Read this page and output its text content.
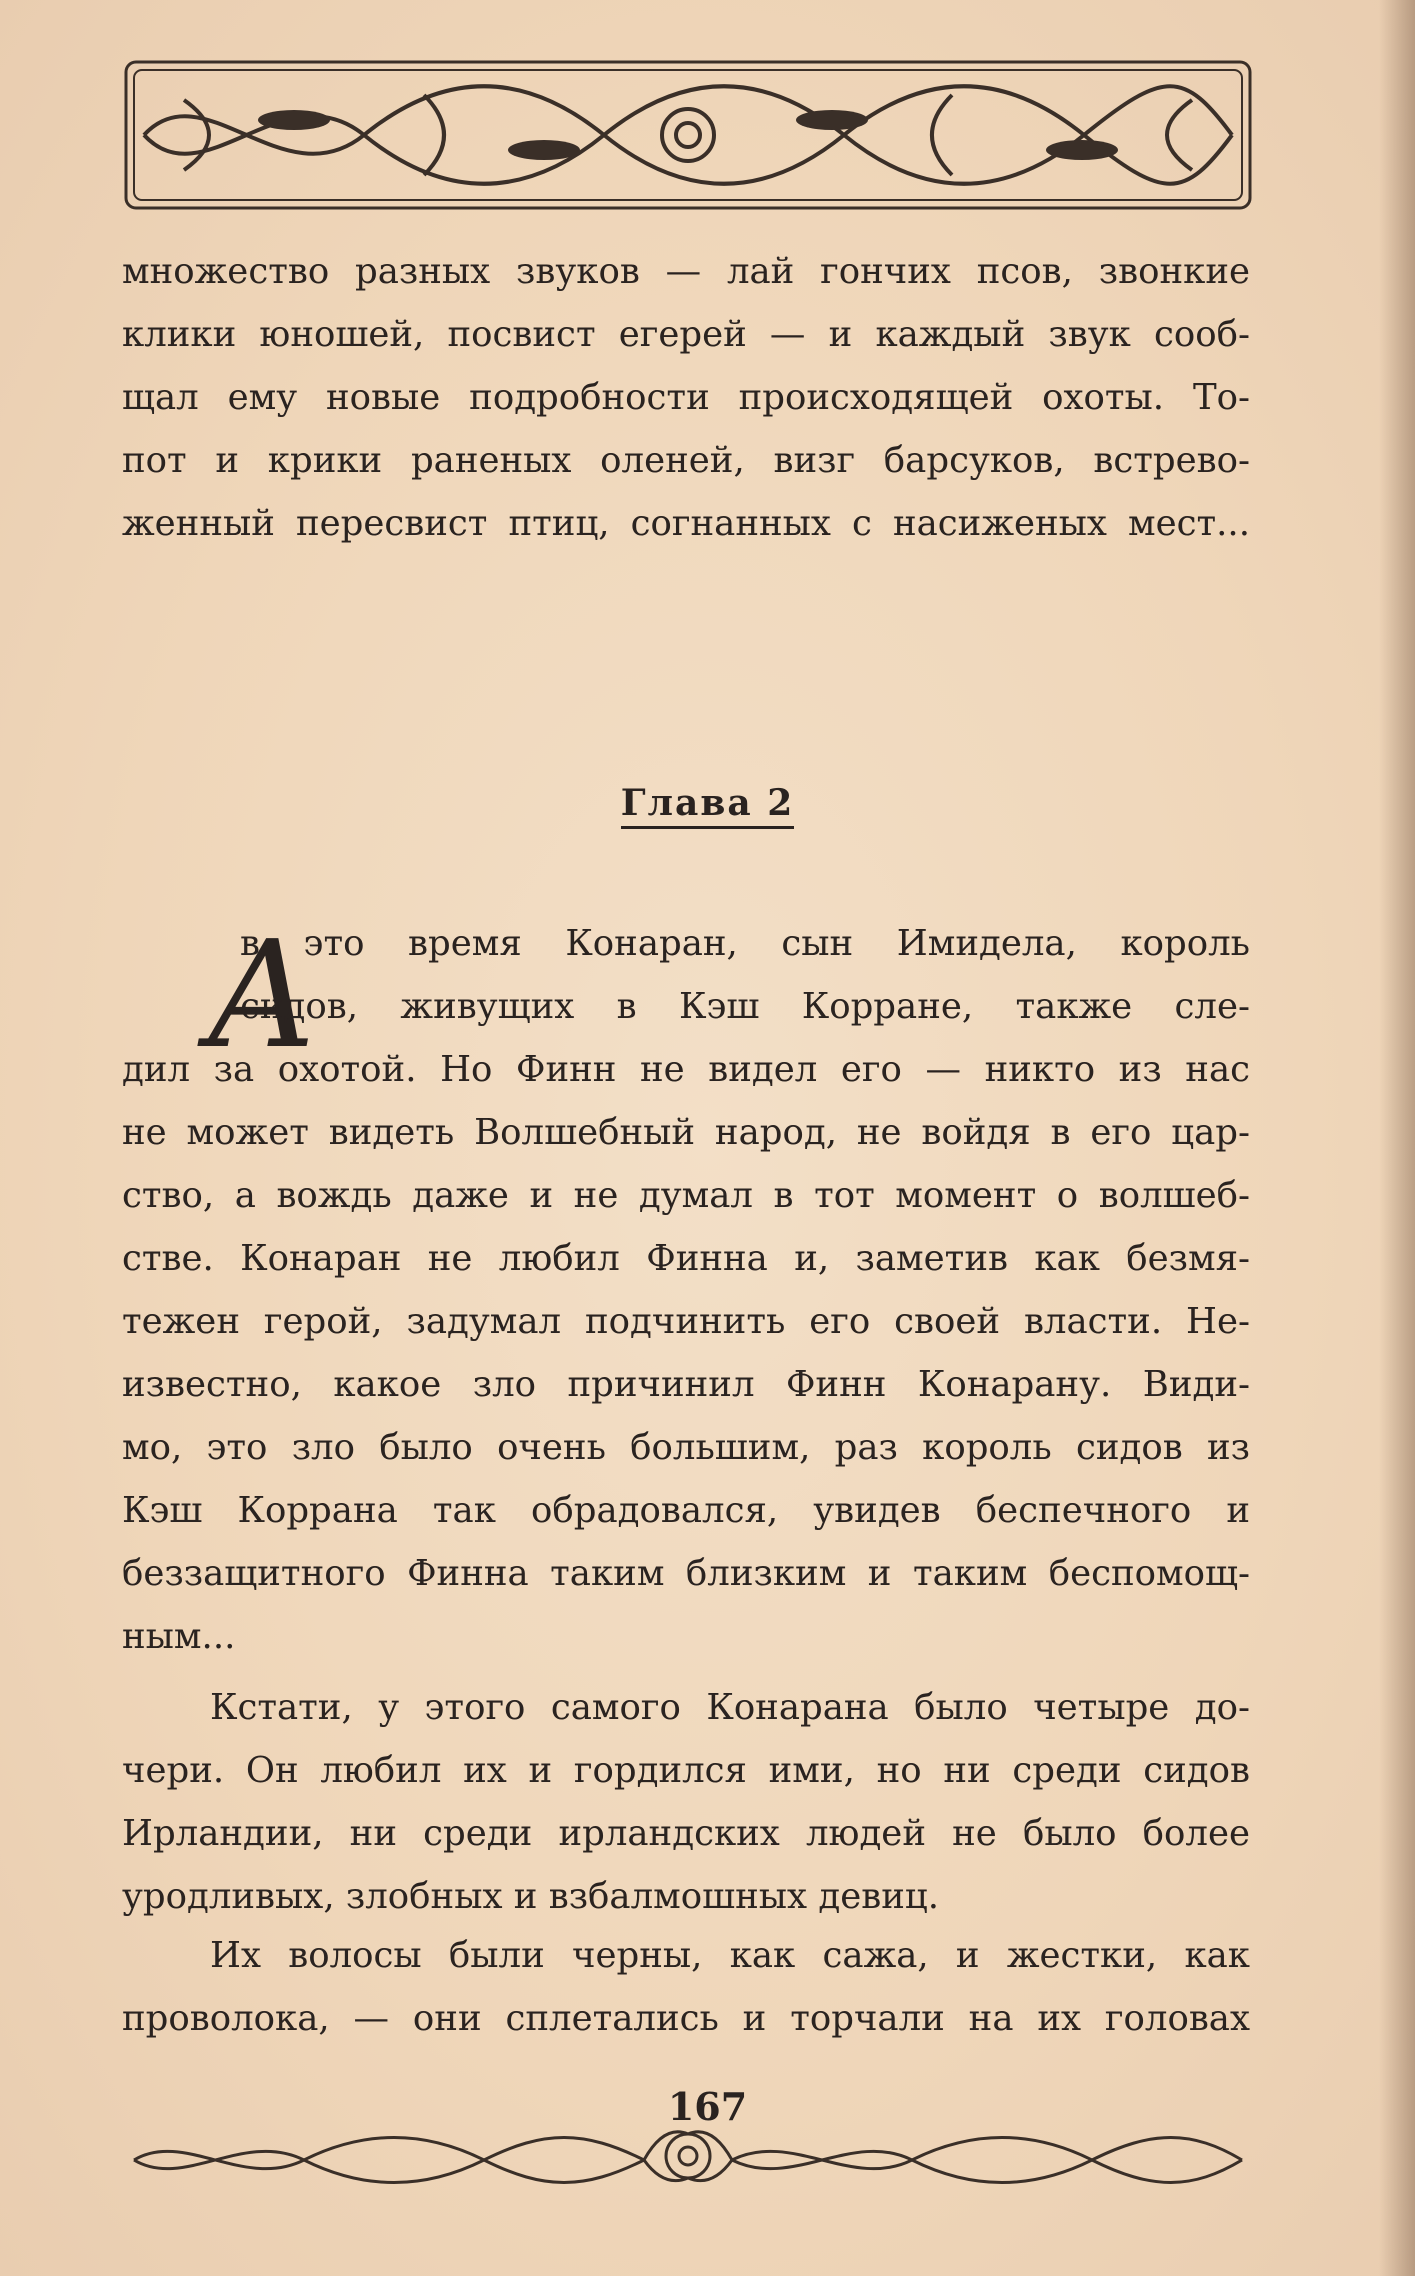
множество разных звуков — лай гончих псов, звонкие
клики юношей, посвист егерей — и каждый звук сооб-
щал ему новые подробности происходящей охоты. То-
пот и крики раненых оленей, визг барсуков, встрево-
женный пересвист птиц, согнанных с насиженых мест...
Глава 2
А
в это время Конаран, сын Имидела, король
сидов, живущих в Кэш Корране, также сле-
дил за охотой. Но Финн не видел его — никто из нас
не может видеть Волшебный народ, не войдя в его цар-
ство, а вождь даже и не думал в тот момент о волшеб-
стве. Конаран не любил Финна и, заметив как безмя-
тежен герой, задумал подчинить его своей власти. Не-
известно, какое зло причинил Финн Конарану. Види-
мо, это зло было очень большим, раз король сидов из
Кэш Коррана так обрадовался, увидев беспечного и
беззащитного Финна таким близким и таким беспомощ-
ным...
Кстати, у этого самого Конарана было четыре до-
чери. Он любил их и гордился ими, но ни среди сидов
Ирландии, ни среди ирландских людей не было более
уродливых, злобных и взбалмошных девиц.
Их волосы были черны, как сажа, и жестки, как
проволока, — они сплетались и торчали на их головах
167
